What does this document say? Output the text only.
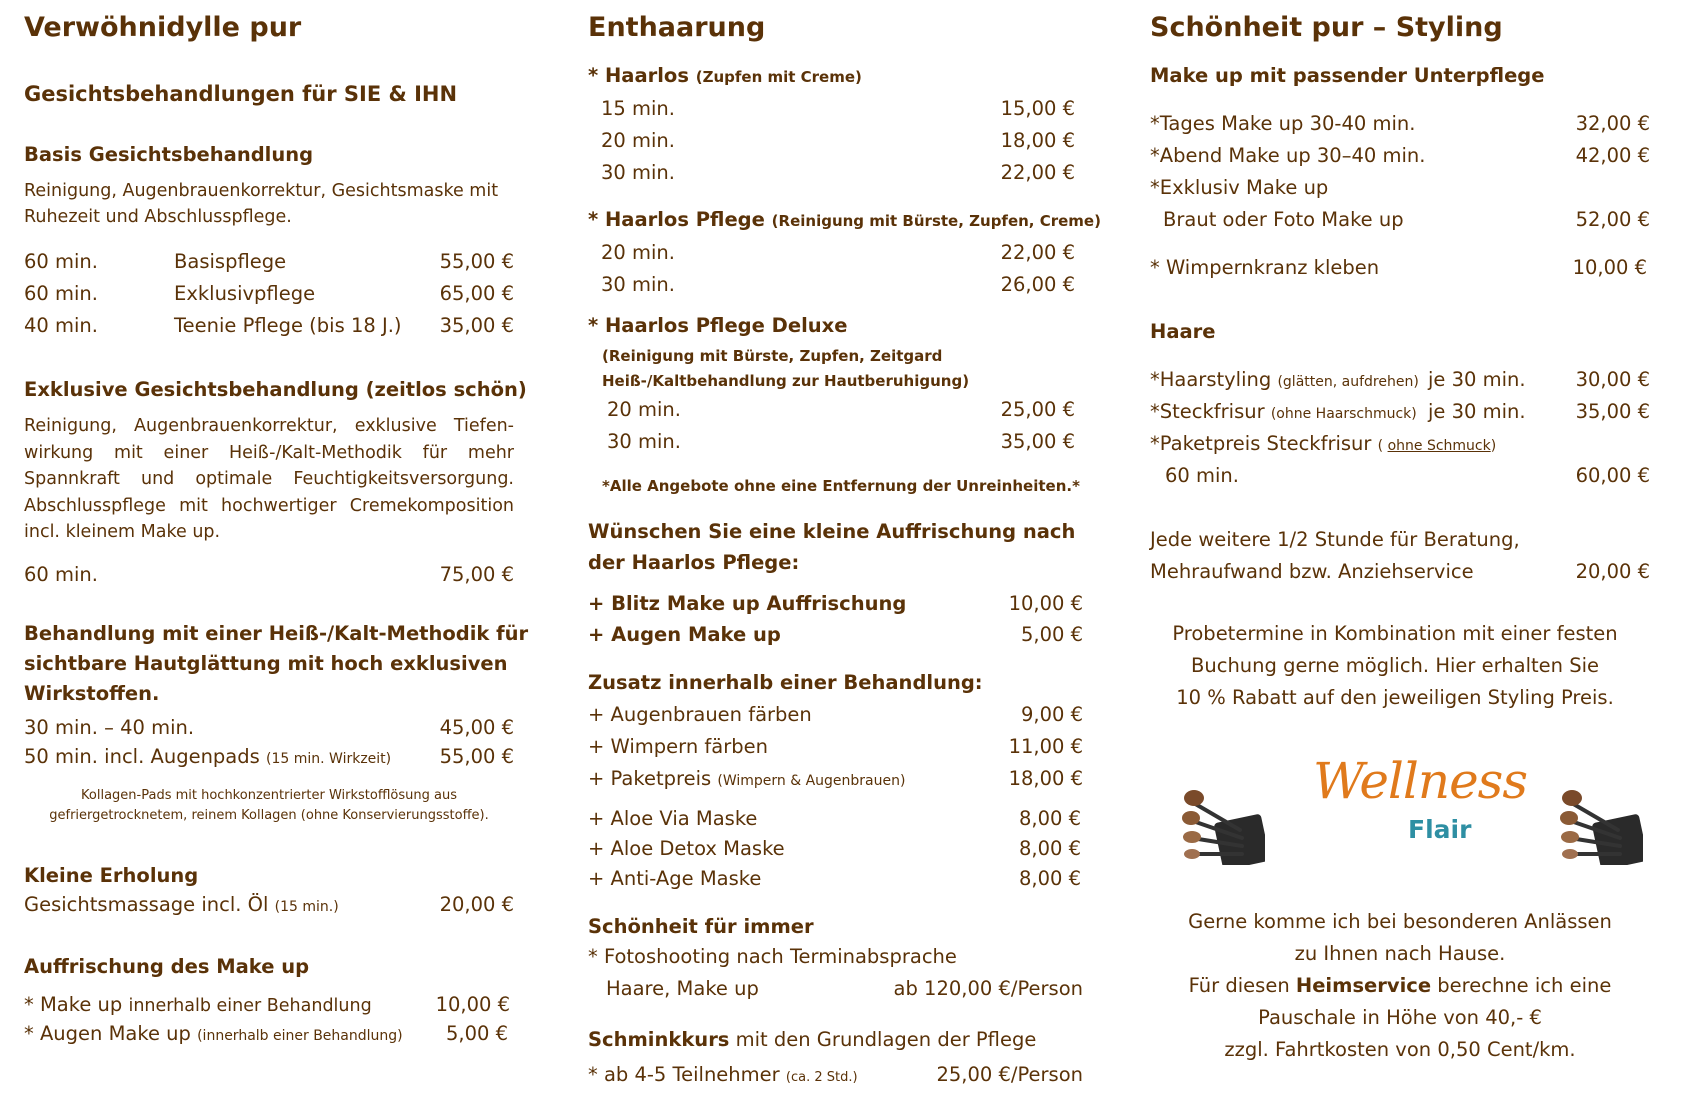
Verwöhnidylle pur
Gesichtsbehandlungen für SIE & IHN
Basis Gesichtsbehandlung
Reinigung, Augenbrauenkorrektur, Gesichtsmaske mit
Ruhezeit und Abschlusspflege.
60 min.	Basispflege	55,00 €
60 min.	Exklusivpflege	65,00 €
40 min.	Teenie Pflege (bis 18 J.)	35,00 €
Exklusive Gesichtsbehandlung (zeitlos schön)
Reinigung, Augenbrauenkorrektur, exklusive Tiefen-wirkung mit einer Heiß-/Kalt-Methodik für mehr Spannkraft und optimale Feuchtigkeitsversorgung. Abschlusspflege mit hochwertiger Cremekomposition incl. kleinem Make up.
60 min.	75,00 €
Behandlung mit einer Heiß-/Kalt-Methodik für
sichtbare Hautglättung mit hoch exklusiven
Wirkstoffen.
30 min. – 40 min.	45,00 €
50 min. incl. Augenpads (15 min. Wirkzeit)	55,00 €
Kollagen-Pads mit hochkonzentrierter Wirkstofflösung aus
gefriergetrocknetem, reinem Kollagen (ohne Konservierungsstoffe).
Kleine Erholung
Gesichtsmassage incl. Öl (15 min.)	20,00 €
Auffrischung des Make up
* Make up innerhalb einer Behandlung	10,00 €
* Augen Make up (innerhalb einer Behandlung)	5,00 €
Enthaarung
* Haarlos (Zupfen mit Creme)
15 min.	15,00 €
20 min.	18,00 €
30 min.	22,00 €
* Haarlos Pflege (Reinigung mit Bürste, Zupfen, Creme)
20 min.	22,00 €
30 min.	26,00 €
* Haarlos Pflege Deluxe
(Reinigung mit Bürste, Zupfen, Zeitgard
Heiß-/Kaltbehandlung zur Hautberuhigung)
20 min.	25,00 €
30 min.	35,00 €
*Alle Angebote ohne eine Entfernung der Unreinheiten.*
Wünschen Sie eine kleine Auffrischung nach
der Haarlos Pflege:
+ Blitz Make up Auffrischung	10,00 €
+ Augen Make up	5,00 €
Zusatz innerhalb einer Behandlung:
+ Augenbrauen färben	9,00 €
+ Wimpern färben	11,00 €
+ Paketpreis (Wimpern & Augenbrauen)	18,00 €
+ Aloe Via Maske	8,00 €
+ Aloe Detox Maske	8,00 €
+ Anti-Age Maske	8,00 €
Schönheit für immer
* Fotoshooting nach Terminabsprache
Haare, Make up	ab 120,00 €/Person
Schminkkurs mit den Grundlagen der Pflege
* ab 4-5 Teilnehmer (ca. 2 Std.)	25,00 €/Person
Schönheit pur – Styling
Make up mit passender Unterpflege
*Tages Make up 30-40 min.	32,00 €
*Abend Make up 30–40 min.	42,00 €
*Exklusiv Make up
Braut oder Foto Make up	52,00 €
* Wimpernkranz kleben	10,00 €
Haare
*Haarstyling (glätten, aufdrehen) je 30 min.	30,00 €
*Steckfrisur (ohne Haarschmuck) je 30 min.	35,00 €
*Paketpreis Steckfrisur ( ohne Schmuck)
60 min.	60,00 €
Jede weitere 1/2 Stunde für Beratung,
Mehraufwand bzw. Anziehservice	20,00 €
Probetermine in Kombination mit einer festen
Buchung gerne möglich. Hier erhalten Sie
10 % Rabatt auf den jeweiligen Styling Preis.
Wellness
Flair
Gerne komme ich bei besonderen Anlässen
zu Ihnen nach Hause.
Für diesen Heimservice berechne ich eine
Pauschale in Höhe von 40,- €
zzgl. Fahrtkosten von 0,50 Cent/km.
